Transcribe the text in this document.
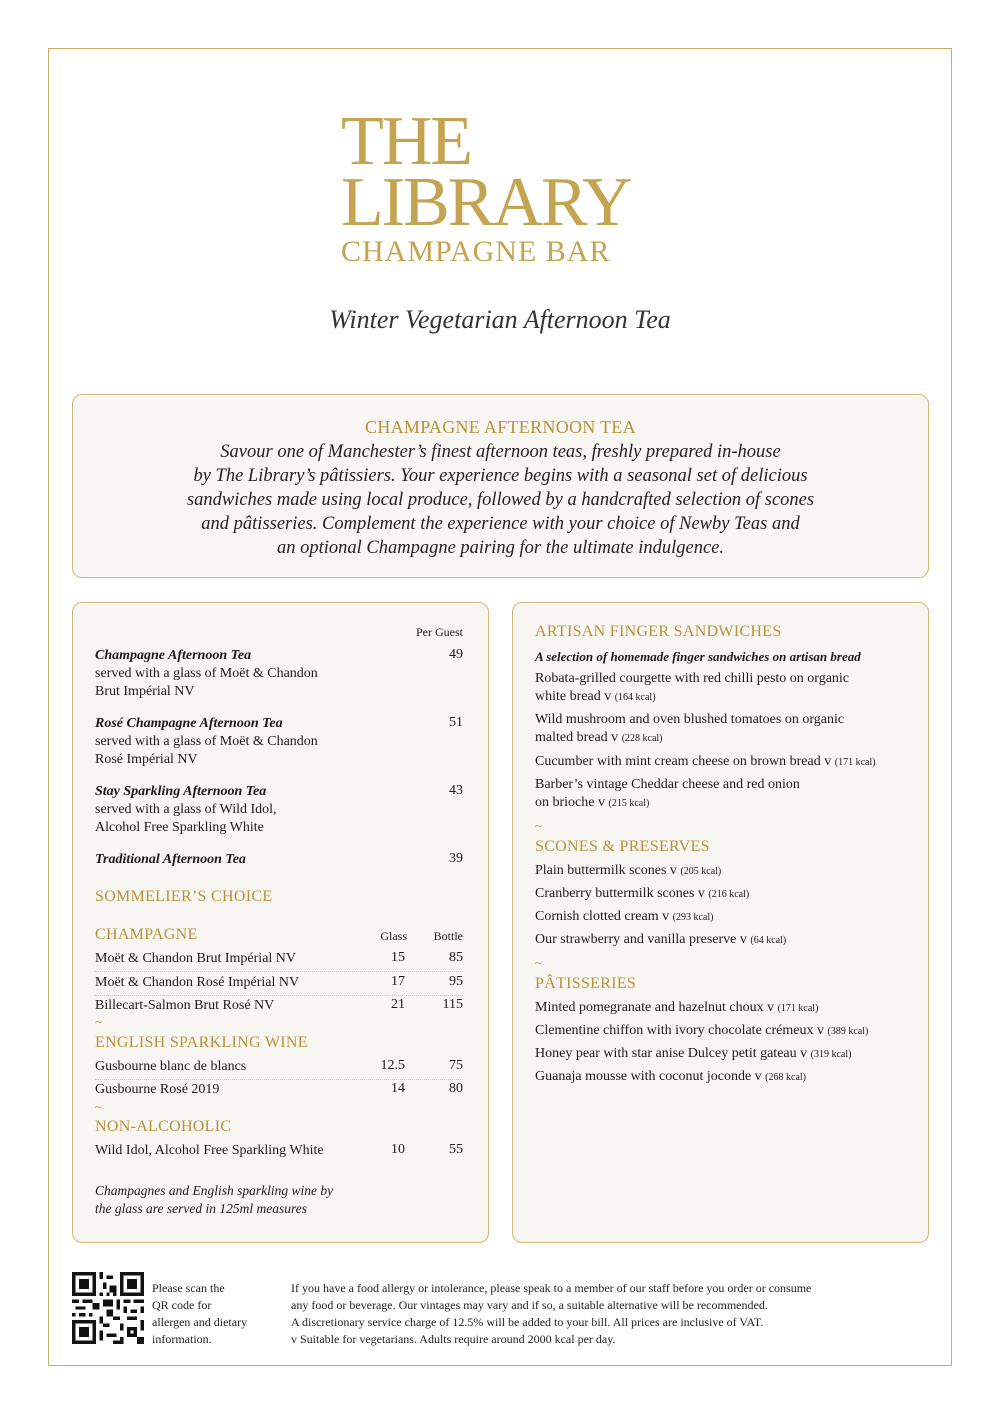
THE
LIBRARY
CHAMPAGNE BAR
Winter Vegetarian Afternoon Tea
CHAMPAGNE AFTERNOON TEA

Savour one of Manchester’s finest afternoon teas, freshly prepared in-house

by The Library’s pâtissiers. Your experience begins with a seasonal set of delicious

sandwiches made using local produce, followed by a handcrafted selection of scones

and pâtisseries. Complement the experience with your choice of Newby Teas and

an optional Champagne pairing for the ultimate indulgence.

Per Guest
Champagne Afternoon Tea	49
served with a glass of Moët & Chandon
Brut Impérial NV
Rosé Champagne Afternoon Tea	51
served with a glass of Moët & Chandon
Rosé Impérial NV
Stay Sparkling Afternoon Tea	43
served with a glass of Wild Idol,
Alcohol Free Sparkling White
Traditional Afternoon Tea	39
SOMMELIER’S CHOICE
CHAMPAGNE	Glass	Bottle
Moët & Chandon Brut Impérial NV	15	85
Moët & Chandon Rosé Impérial NV	17	95
Billecart-Salmon Brut Rosé NV	21	115
~
ENGLISH SPARKLING WINE
Gusbourne blanc de blancs	12.5	75
Gusbourne Rosé 2019	14	80
~
NON-ALCOHOLIC
Wild Idol, Alcohol Free Sparkling White	10	55
Champagnes and English sparkling wine by
the glass are served in 125ml measures
ARTISAN FINGER SANDWICHES
A selection of homemade finger sandwiches on artisan bread
Robata-grilled courgette with red chilli pesto on organic
white bread v (164 kcal)
Wild mushroom and oven blushed tomatoes on organic
malted bread v (228 kcal)
Cucumber with mint cream cheese on brown bread v (171 kcal)
Barber’s vintage Cheddar cheese and red onion
on brioche v (215 kcal)
~
SCONES & PRESERVES
Plain buttermilk scones v (205 kcal)
Cranberry buttermilk scones v (216 kcal)
Cornish clotted cream v (293 kcal)
Our strawberry and vanilla preserve v (64 kcal)
~
PÂTISSERIES
Minted pomegranate and hazelnut choux v (171 kcal)
Clementine chiffon with ivory chocolate crémeux v (389 kcal)
Honey pear with star anise Dulcey petit gateau v (319 kcal)
Guanaja mousse with coconut joconde v (268 kcal)
Please scan the
QR code for
allergen and dietary
information.
If you have a food allergy or intolerance, please speak to a member of our staff before you order or consume
any food or beverage. Our vintages may vary and if so, a suitable alternative will be recommended.
A discretionary service charge of 12.5% will be added to your bill. All prices are inclusive of VAT.
v Suitable for vegetarians. Adults require around 2000 kcal per day.
